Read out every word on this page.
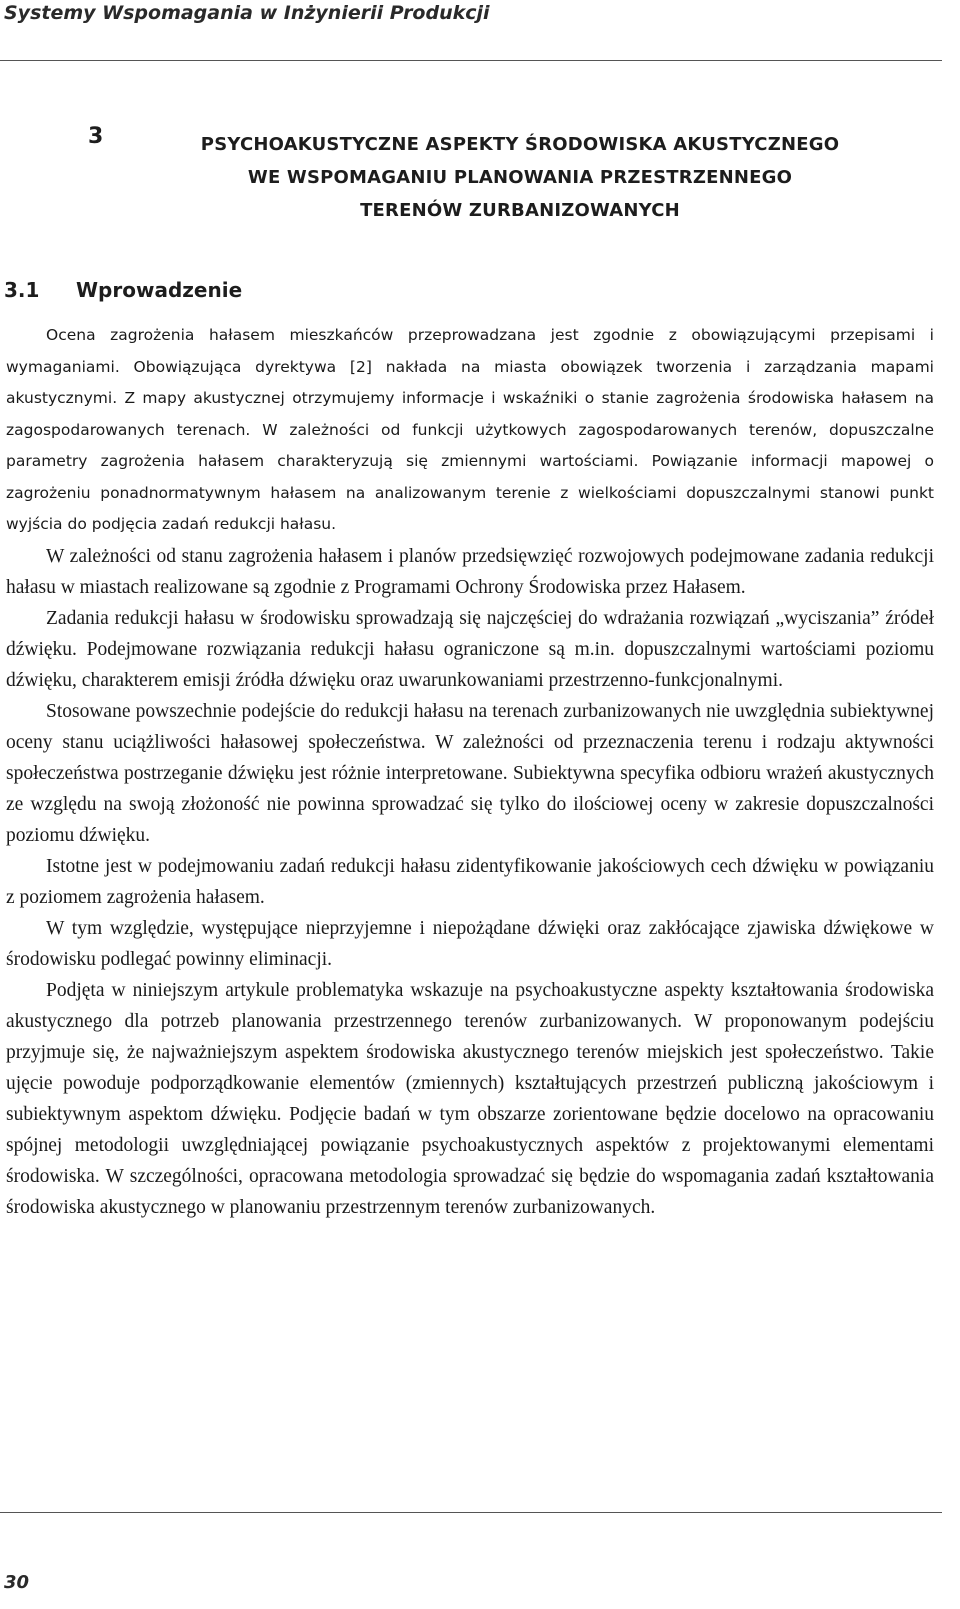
Systemy Wspomagania w Inżynierii Produkcji
3	PSYCHOAKUSTYCZNE ASPEKTY ŚRODOWISKA AKUSTYCZNEGO
WE WSPOMAGANIU PLANOWANIA PRZESTRZENNEGO
TERENÓW ZURBANIZOWANYCH
3.1 Wprowadzenie

Ocena zagrożenia hałasem mieszkańców przeprowadzana jest zgodnie z obowiązującymi przepisami i wymaganiami. Obowiązująca dyrektywa [2] nakłada na miasta obowiązek tworzenia i zarządzania mapami akustycznymi. Z mapy akustycznej otrzymujemy informacje i wskaźniki o stanie zagrożenia środowiska hałasem na zagospodarowanych terenach. W zależności od funkcji użytkowych zagospodarowanych terenów, dopuszczalne parametry zagrożenia hałasem charakteryzują się zmiennymi wartościami. Powiązanie informacji mapowej o zagrożeniu ponadnormatywnym hałasem na analizowanym terenie z wielkościami dopuszczalnymi stanowi punkt wyjścia do podjęcia zadań redukcji hałasu.

W zależności od stanu zagrożenia hałasem i planów przedsięwzięć rozwojowych podejmowane zadania redukcji hałasu w miastach realizowane są zgodnie z Programami Ochrony Środowiska przez Hałasem.

Zadania redukcji hałasu w środowisku sprowadzają się najczęściej do wdrażania rozwiązań „wyciszania” źródeł dźwięku. Podejmowane rozwiązania redukcji hałasu ograniczone są m.in. dopuszczalnymi wartościami poziomu dźwięku, charakterem emisji źródła dźwięku oraz uwarunkowaniami przestrzenno-funkcjonalnymi.

Stosowane powszechnie podejście do redukcji hałasu na terenach zurbanizowanych nie uwzględnia subiektywnej oceny stanu uciążliwości hałasowej społeczeństwa. W zależności od przeznaczenia terenu i rodzaju aktywności społeczeństwa postrzeganie dźwięku jest różnie interpretowane. Subiektywna specyfika odbioru wrażeń akustycznych ze względu na swoją złożoność nie powinna sprowadzać się tylko do ilościowej oceny w zakresie dopuszczalności poziomu dźwięku.

Istotne jest w podejmowaniu zadań redukcji hałasu zidentyfikowanie jakościowych cech dźwięku w powiązaniu z poziomem zagrożenia hałasem.

W tym względzie, występujące nieprzyjemne i niepożądane dźwięki oraz zakłócające zjawiska dźwiękowe w środowisku podlegać powinny eliminacji.

Podjęta w niniejszym artykule problematyka wskazuje na psychoakustyczne aspekty kształtowania środowiska akustycznego dla potrzeb planowania przestrzennego terenów zurbanizowanych. W proponowanym podejściu przyjmuje się, że najważniejszym aspektem środowiska akustycznego terenów miejskich jest społeczeństwo. Takie ujęcie powoduje podporządkowanie elementów (zmiennych) kształtujących przestrzeń publiczną jakościowym i subiektywnym aspektom dźwięku. Podjęcie badań w tym obszarze zorientowane będzie docelowo na opracowaniu spójnej metodologii uwzględniającej powiązanie psychoakustycznych aspektów z projektowanymi elementami środowiska. W szczególności, opracowana metodologia sprowadzać się będzie do wspomagania zadań kształtowania środowiska akustycznego w planowaniu przestrzennym terenów zurbanizowanych.

30
